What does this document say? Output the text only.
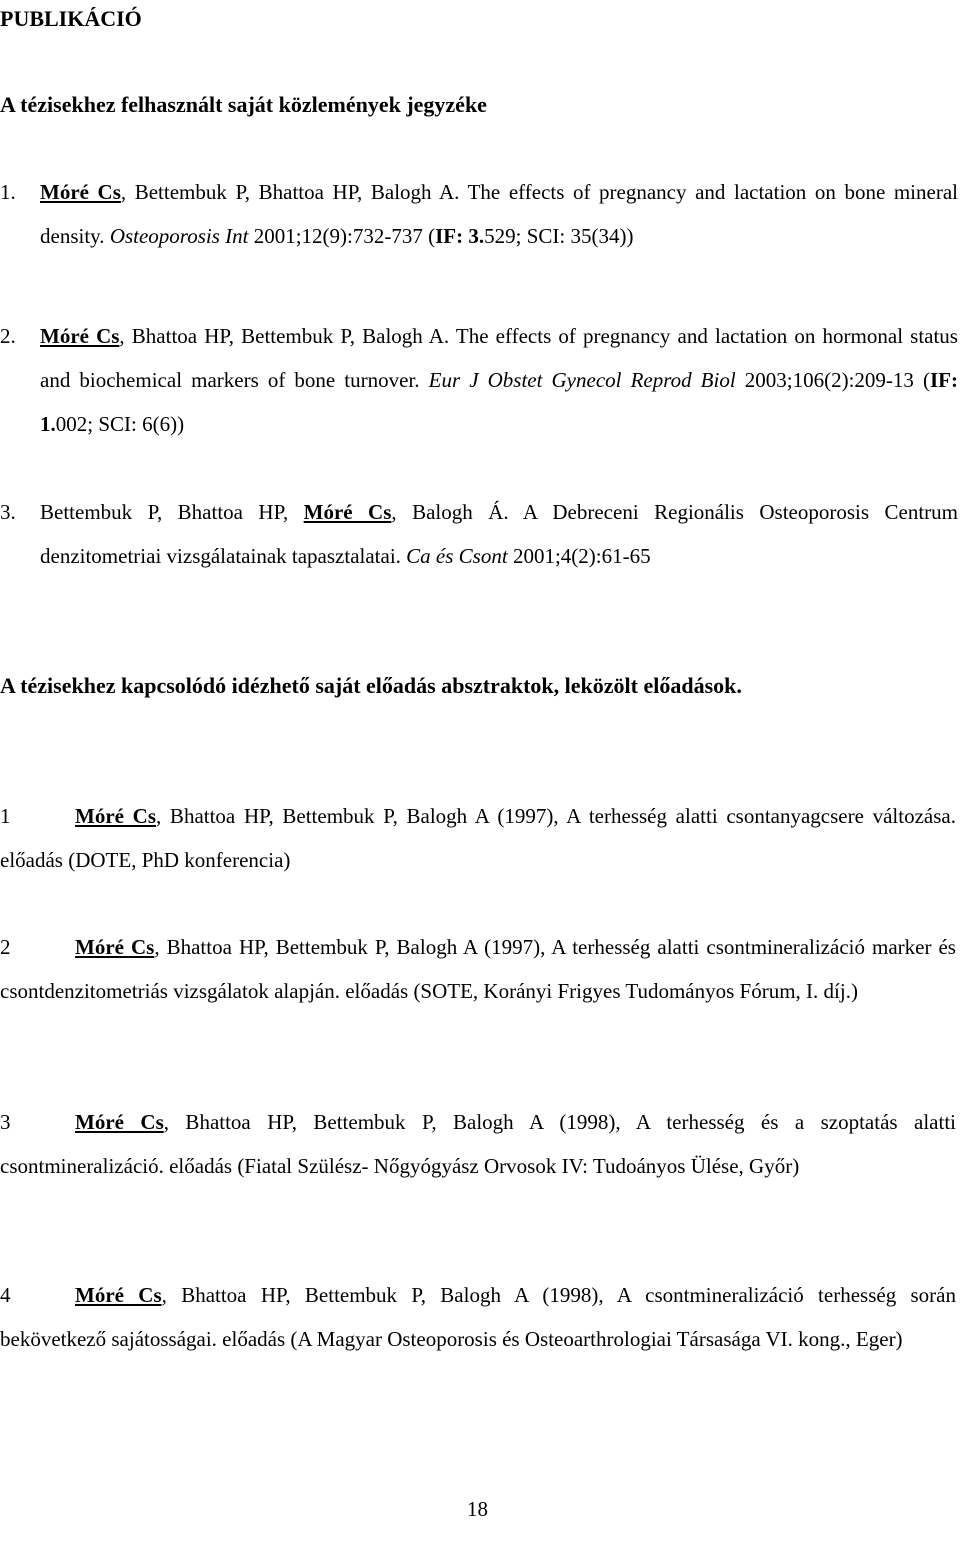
PUBLIKÁCIÓ
A tézisekhez felhasznált saját közlemények jegyzéke
1. Móré Cs, Bettembuk P, Bhattoa HP, Balogh A. The effects of pregnancy and lactation on bone mineral density. Osteoporosis Int 2001;12(9):732-737 (IF: 3.529; SCI: 35(34))
2. Móré Cs, Bhattoa HP, Bettembuk P, Balogh A. The effects of pregnancy and lactation on hormonal status and biochemical markers of bone turnover. Eur J Obstet Gynecol Reprod Biol 2003;106(2):209-13 (IF: 1.002; SCI: 6(6))
3. Bettembuk P, Bhattoa HP, Móré Cs, Balogh Á. A Debreceni Regionális Osteoporosis Centrum denzitometriai vizsgálatainak tapasztalatai. Ca és Csont 2001;4(2):61-65
A tézisekhez kapcsolódó idézhető saját előadás absztraktok, leközölt előadások.
1	Móré Cs, Bhattoa HP, Bettembuk P, Balogh A (1997), A terhesség alatti csontanyagcsere változása. előadás (DOTE, PhD konferencia)
2	Móré Cs, Bhattoa HP, Bettembuk P, Balogh A (1997), A terhesség alatti csontmineralizáció marker és csontdenzitometriás vizsgálatok alapján. előadás (SOTE, Korányi Frigyes Tudományos Fórum, I. díj.)
3	Móré Cs, Bhattoa HP, Bettembuk P, Balogh A (1998), A terhesség és a szoptatás alatti csontmineralizáció. előadás (Fiatal Szülész- Nőgyógyász Orvosok IV: Tudoányos Ülése, Győr)
4	Móré Cs, Bhattoa HP, Bettembuk P, Balogh A (1998), A csontmineralizáció terhesség során bekövetkező sajátosságai. előadás (A Magyar Osteoporosis és Osteoarthrologiai Társasága VI. kong., Eger)
18
